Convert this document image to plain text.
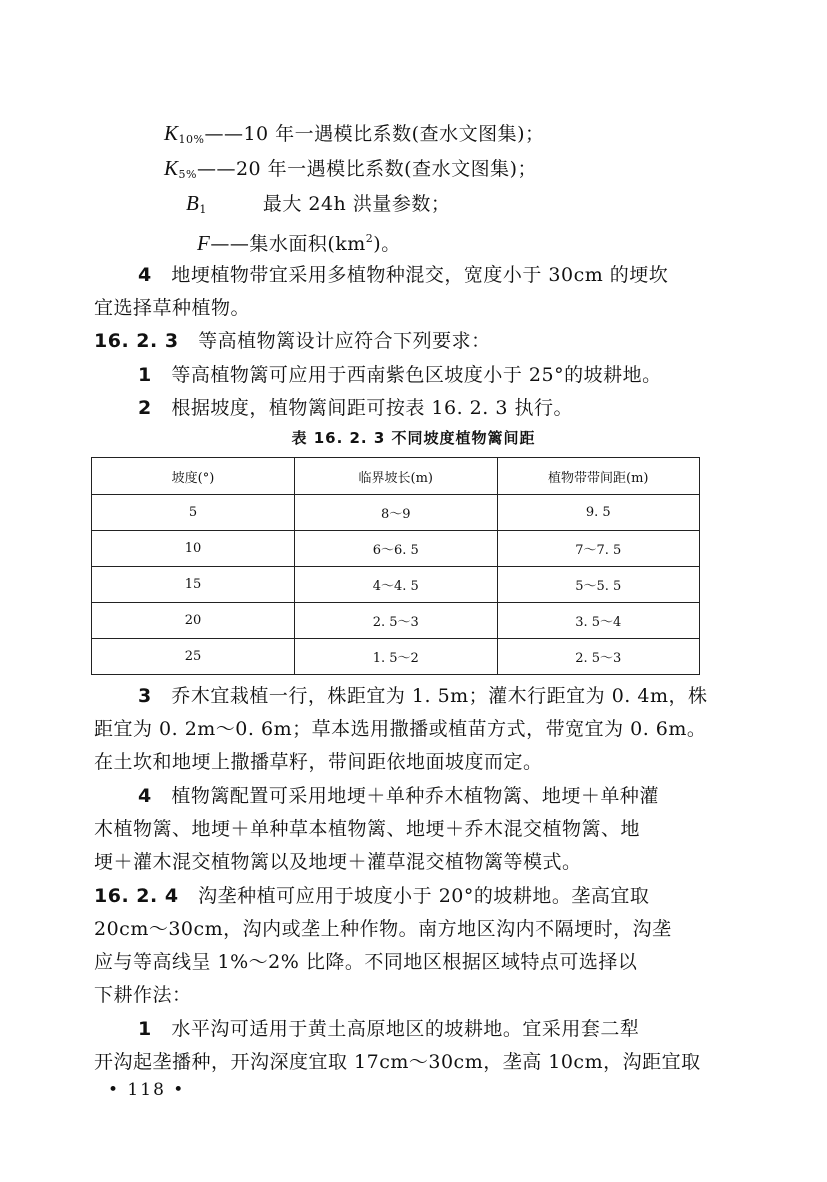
$K_{10\%}——10$ 年一遇模比系数(查水文图集)；
$K_{5\%}——20$ 年一遇模比系数(查水文图集)；
$B_1$	最大 24h 洪量参数；
F——集水面积$(km^2)$。
4 地埂植物带宜采用多植物种混交，宽度小于 30cm 的埂坎
宜选择草种植物。
16. 2. 3 等高植物篱设计应符合下列要求：
1 等高植物篱可应用于西南紫色区坡度小于 25°的坡耕地。
2 根据坡度，植物篱间距可按表 16. 2. 3 执行。
表 16. 2. 3 不同坡度植物篱间距
坡度(°)	临界坡长(m)	植物带带间距(m)
5	8～9	9. 5
10	6～6. 5	7～7. 5
15	4～4. 5	5～5. 5
20	2. 5～3	3. 5～4
25	1. 5～2	2. 5～3
3 乔木宜栽植一行，株距宜为 1. 5m；灌木行距宜为 0. 4m，株
距宜为 0. 2m～0. 6m；草本选用撒播或植苗方式，带宽宜为 0. 6m。
在土坎和地埂上撒播草籽，带间距依地面坡度而定。
4 植物篱配置可采用地埂＋单种乔木植物篱、地埂＋单种灌
木植物篱、地埂＋单种草本植物篱、地埂＋乔木混交植物篱、地
埂＋灌木混交植物篱以及地埂＋灌草混交植物篱等模式。
16. 2. 4 沟垄种植可应用于坡度小于 20°的坡耕地。垄高宜取
20cm～30cm，沟内或垄上种作物。南方地区沟内不隔埂时，沟垄
应与等高线呈 1%～2% 比降。不同地区根据区域特点可选择以
下耕作法：
1 水平沟可适用于黄土高原地区的坡耕地。宜采用套二犁
开沟起垄播种，开沟深度宜取 17cm～30cm，垄高 10cm，沟距宜取
• 118 •
